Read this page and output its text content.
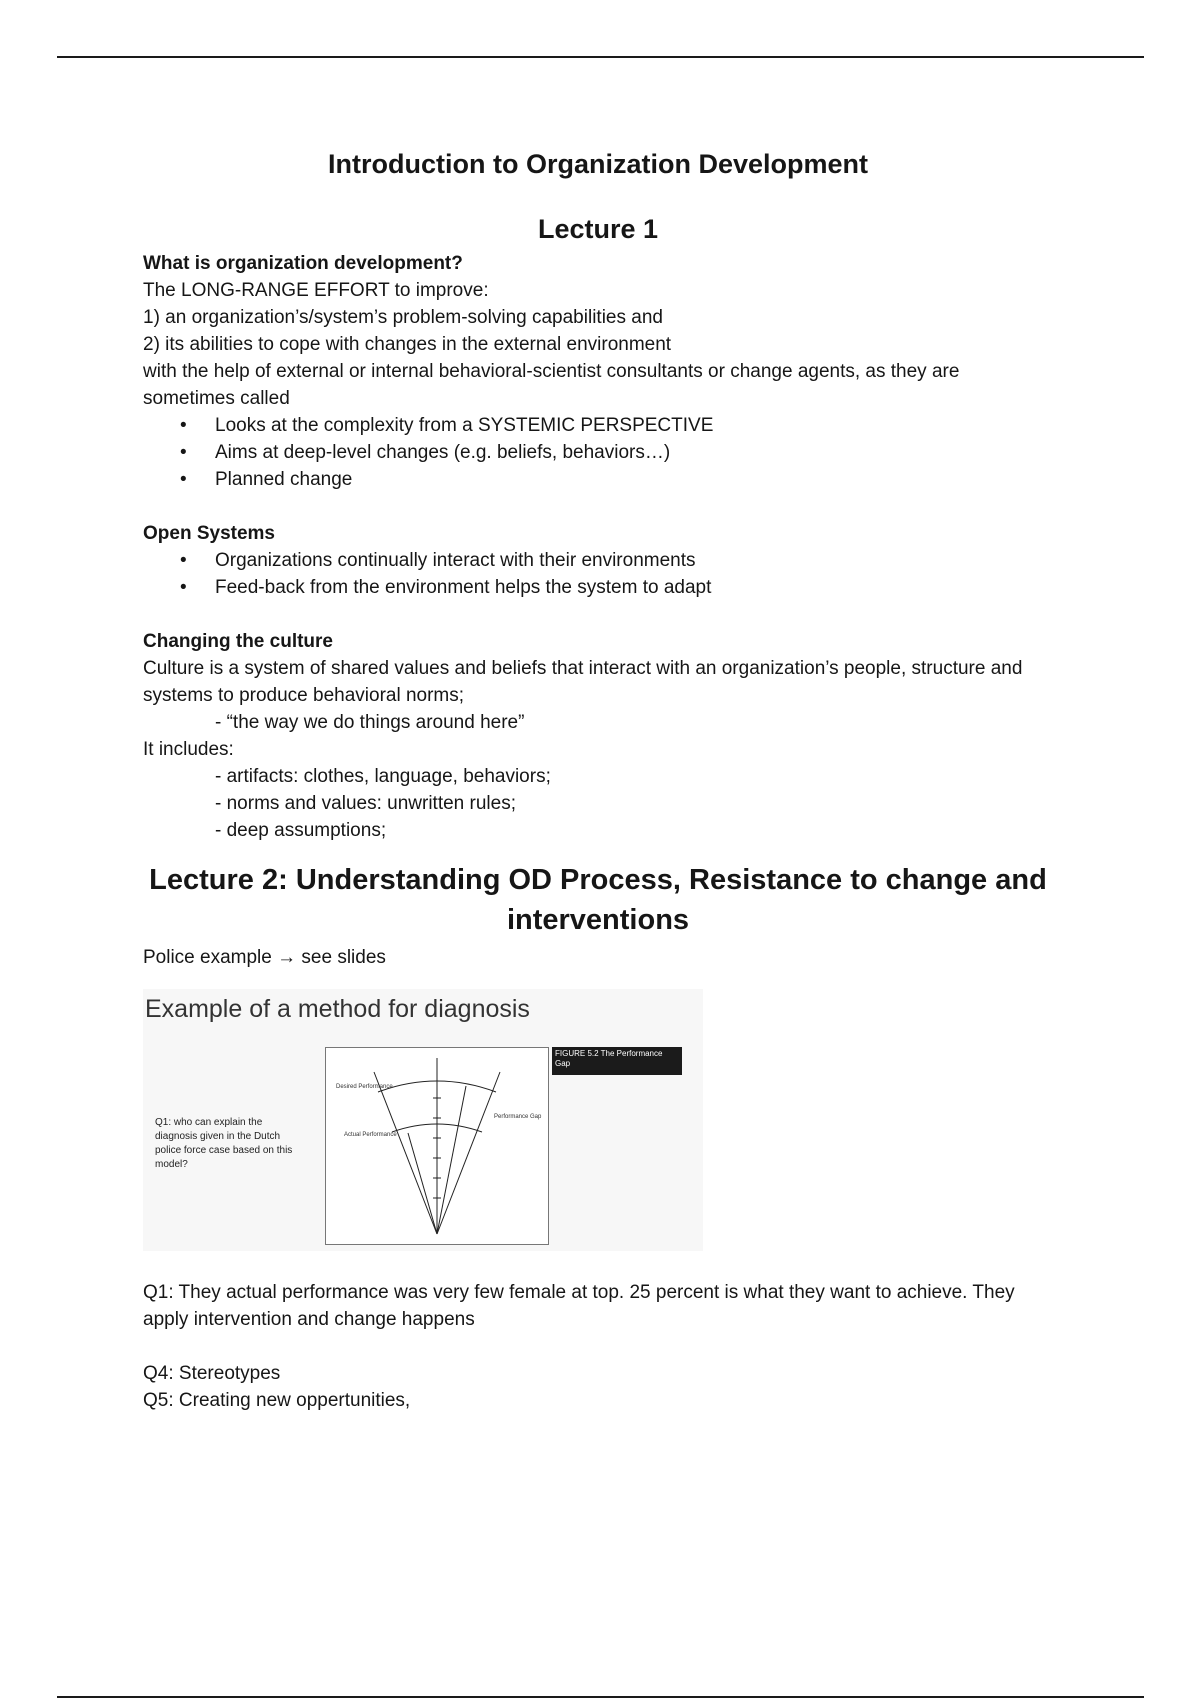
Introduction to Organization Development
Lecture 1

What is organization development?

The LONG-RANGE EFFORT to improve:

1) an organization’s/system’s problem-solving capabilities and

2) its abilities to cope with changes in the external environment

with the help of external or internal behavioral-scientist consultants or change agents, as they are sometimes called

• Looks at the complexity from a SYSTEMIC PERSPECTIVE
• Aims at deep-level changes (e.g. beliefs, behaviors…)
• Planned change

Open Systems

• Organizations continually interact with their environments
• Feed-back from the environment helps the system to adapt

Changing the culture

Culture is a system of shared values and beliefs that interact with an organization’s people, structure and systems to produce behavioral norms;

- “the way we do things around here”

It includes:

- artifacts: clothes, language, behaviors;

- norms and values: unwritten rules;

- deep assumptions;

Lecture 2: Understanding OD Process, Resistance to change and interventions

Police example → see slides

Example of a method for diagnosis
Q1: who can explain the diagnosis given in the Dutch police force case based on this model?
Desired Performance
Actual Performance
Performance Gap
FIGURE 5.2 The Performance Gap

Q1: They actual performance was very few female at top. 25 percent is what they want to achieve. They apply intervention and change happens

Q4: Stereotypes

Q5: Creating new oppertunities,
